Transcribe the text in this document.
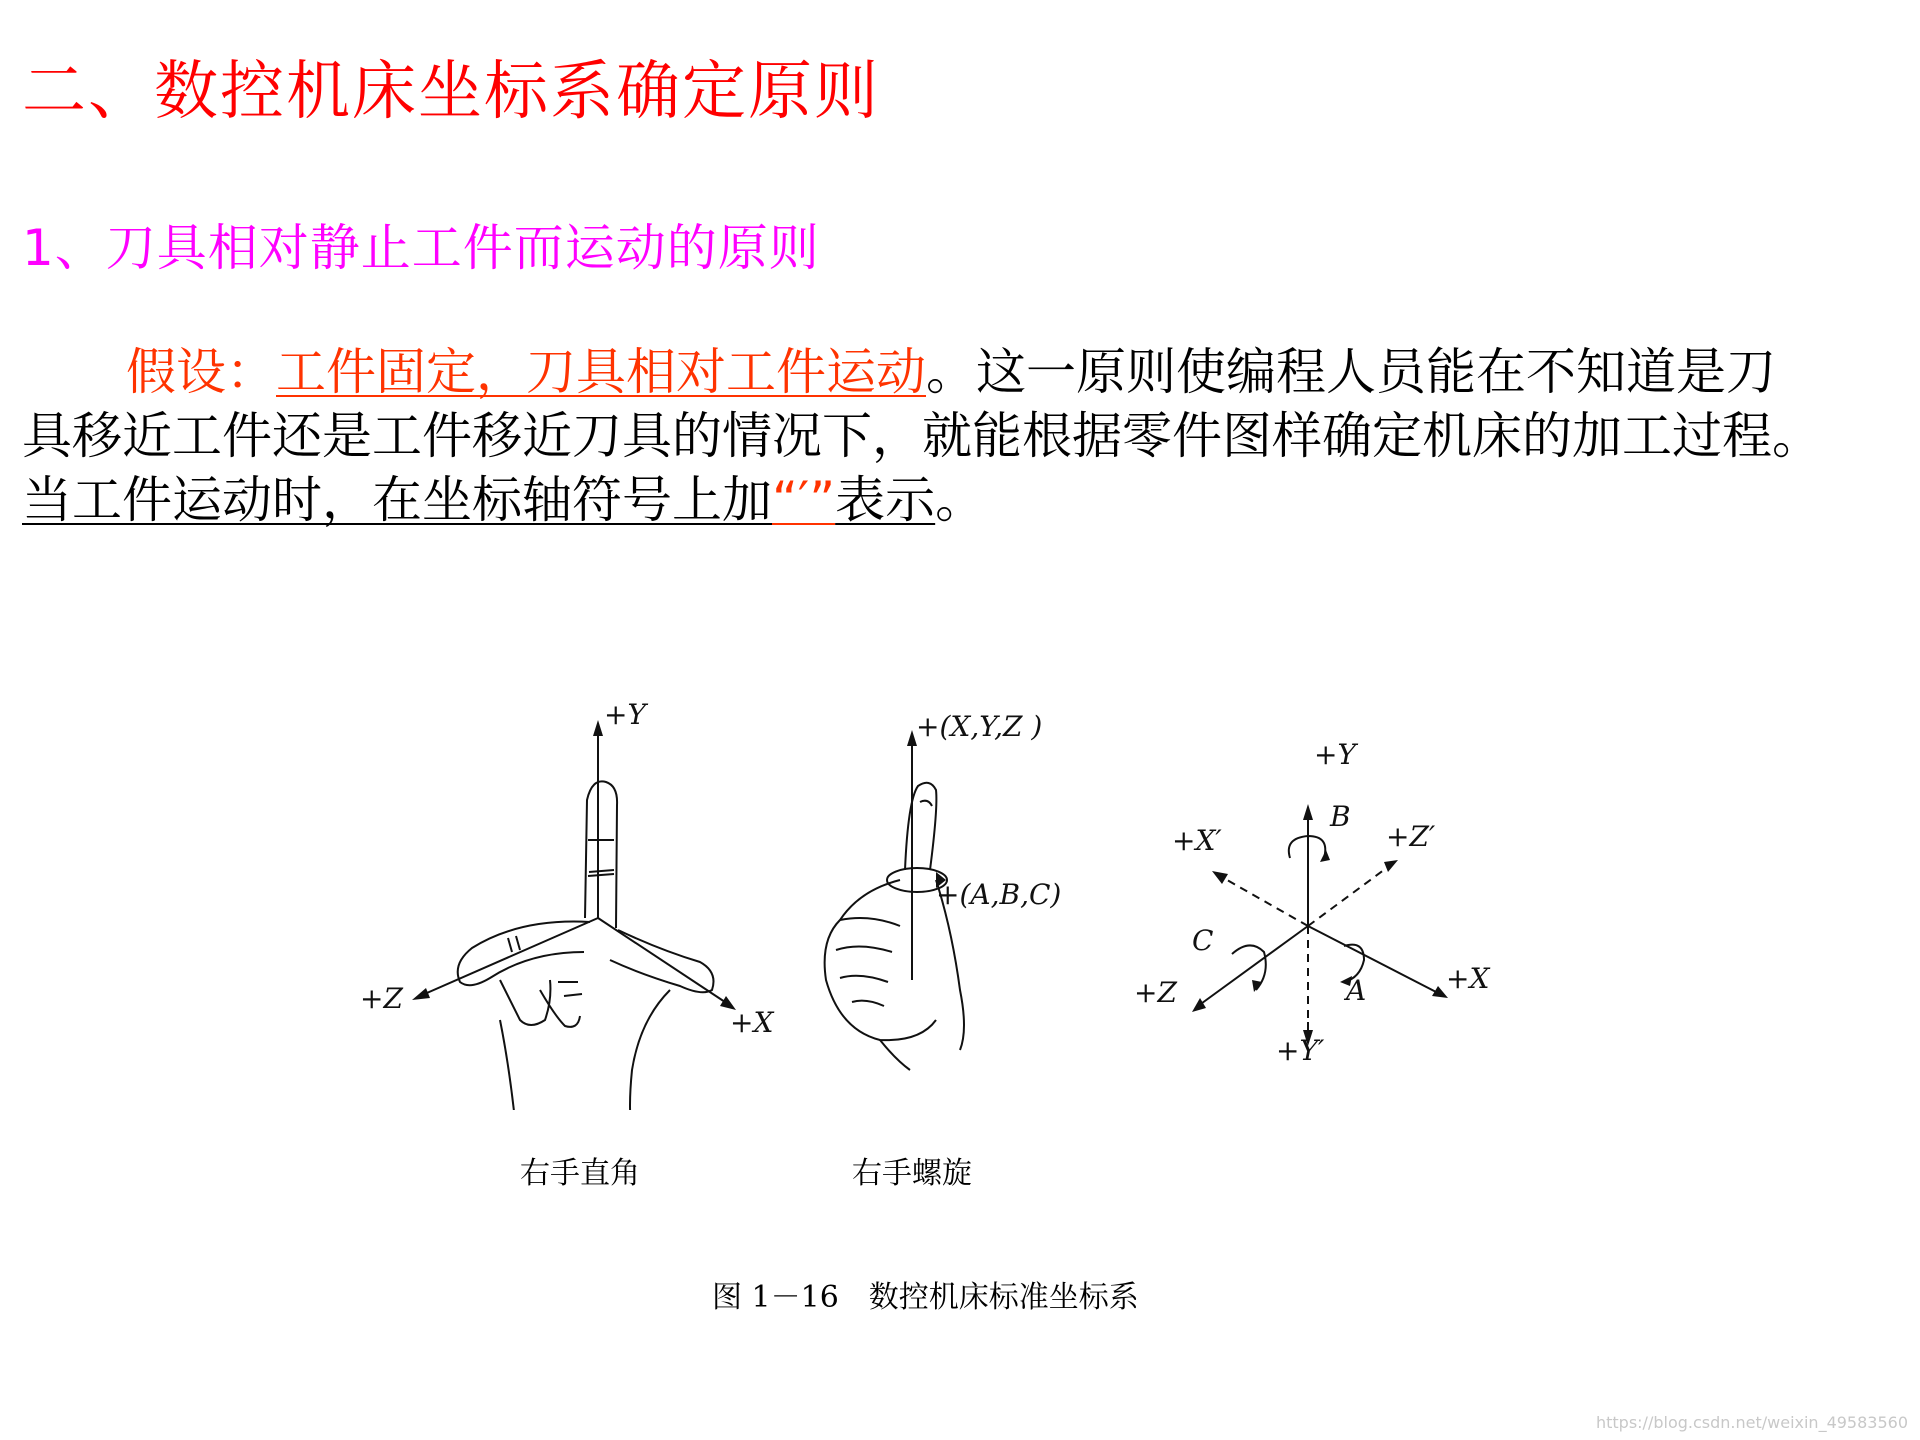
二、数控机床坐标系确定原则
1、刀具相对静止工件而运动的原则
假设：工件固定，刀具相对工件运动。这一原则使编程人员能在不知道是刀
具移近工件还是工件移近刀具的情况下，就能根据零件图样确定机床的加工过程。
当工件运动时，在坐标轴符号上加“′”表示。
+Y
+Z
+X
+(X,Y,Z )
+(A,B,C)
+Y
+Y′
+X
+X′
+Z
+Z′
A
B
C
右手直角	右手螺旋
图 1－16　数控机床标准坐标系
https://blog.csdn.net/weixin_49583560
